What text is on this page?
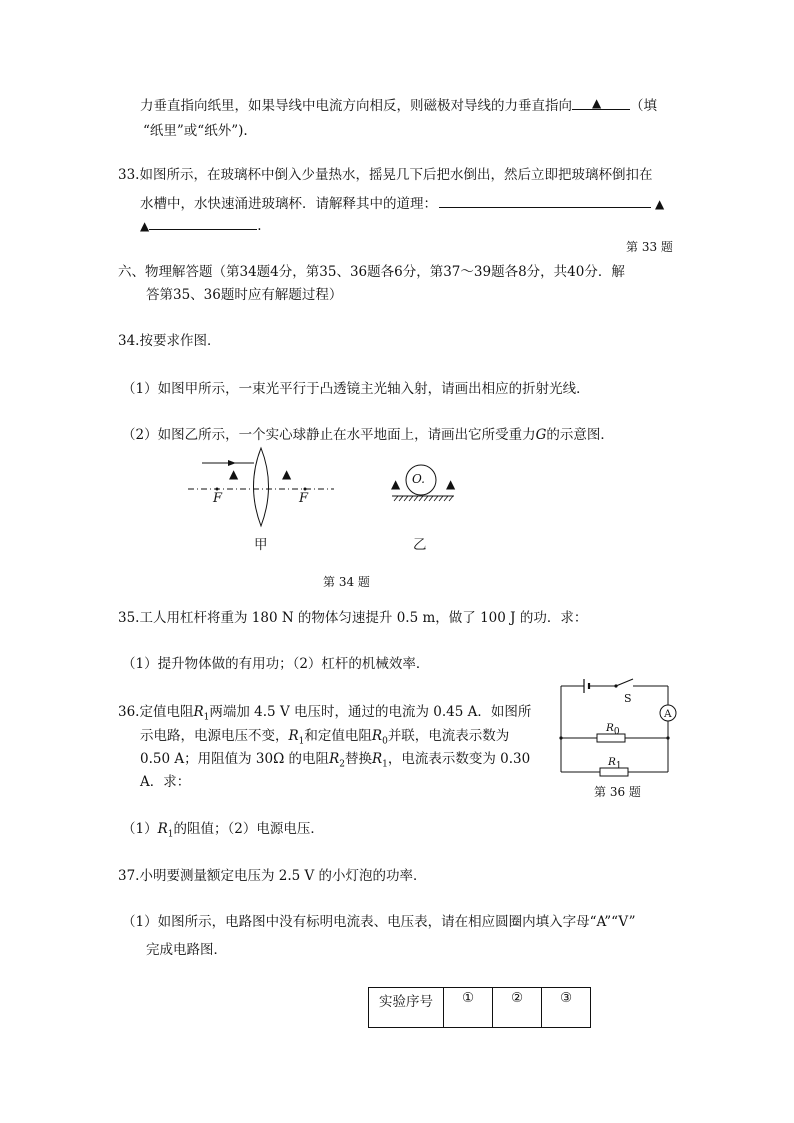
力垂直指向纸里，如果导线中电流方向相反，则磁极对导线的力垂直指向 ▲ （填
“纸里”或“纸外”).
33.如图所示，在玻璃杯中倒入少量热水，摇晃几下后把水倒出，然后立即把玻璃杯倒扣在
水槽中，水快速涌进玻璃杯．请解释其中的道理：	▲
▲	.
第 33 题
六、物理解答题（第34题4分，第35、36题各6分，第37～39题各8分，共40分．解
答第35、36题时应有解题过程）
34.按要求作图．
（1）如图甲所示，一束光平行于凸透镜主光轴入射，请画出相应的折射光线．
（2）如图乙所示，一个实心球静止在水平地面上，请画出它所受重力G的示意图．
F	F
▲	▲
甲
O.
▲	▲
乙
第 34 题
35.工人用杠杆将重为 180 N 的物体匀速提升 0.5 m，做了 100 J 的功．求：
（1）提升物体做的有用功；（2）杠杆的机械效率．
36.定值电阻$R_1$两端加 4.5 V 电压时，通过的电流为 0.45 A．如图所
示电路，电源电压不变，$R_1$和定值电阻$R_0$并联，电流表示数为
0.50 A；用阻值为 30Ω 的电阻$R_2$替换$R_1$，电流表示数变为 0.30
A．求：
$(1)R_1$的阻值；（2）电源电压．
S
A
$R_0$
$R_1$
第 36 题
37.小明要测量额定电压为 2.5 V 的小灯泡的功率．
（1）如图所示，电路图中没有标明电流表、电压表，请在相应圆圈内填入字母“A”“V”
完成电路图．
实验序号	①	②	③
